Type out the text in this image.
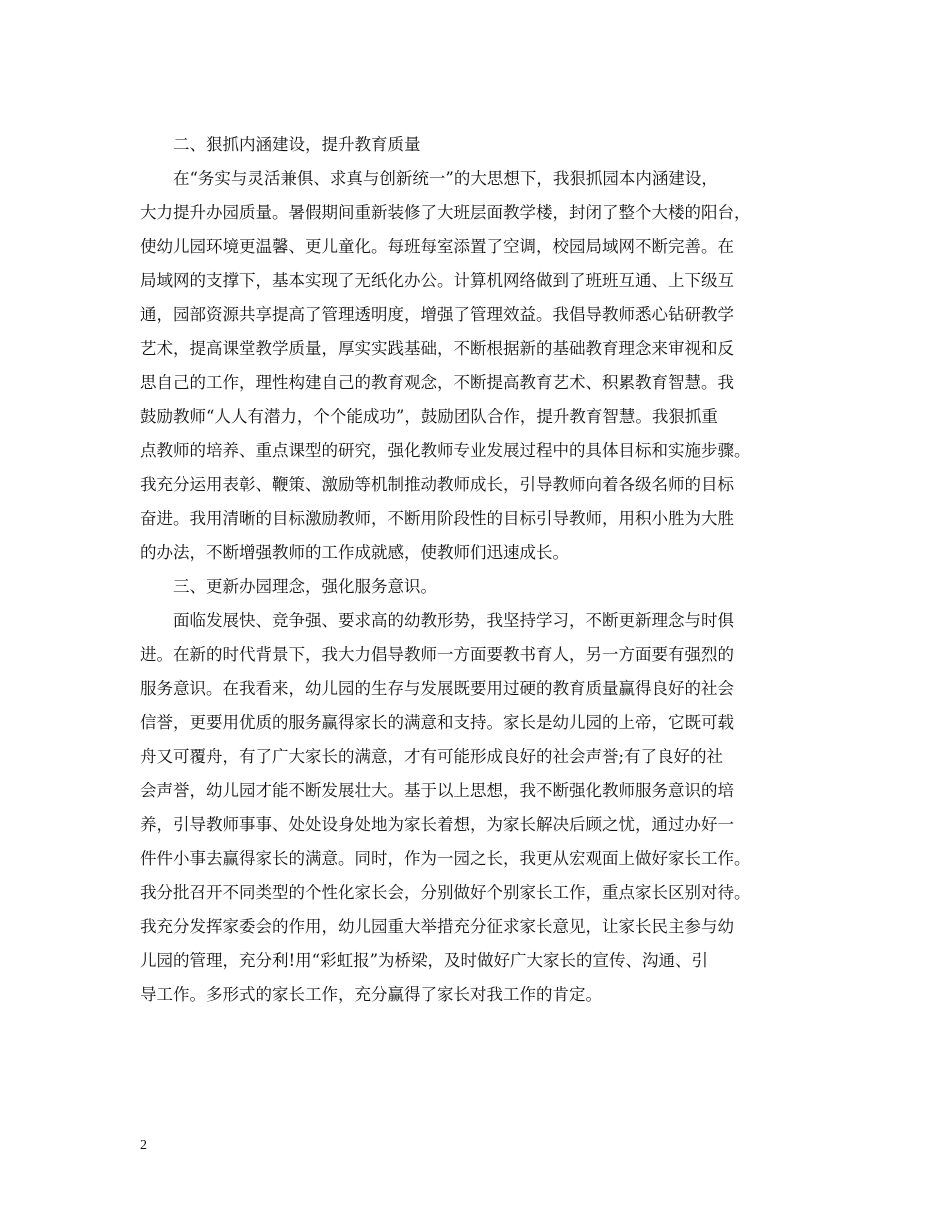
　　二、狠抓内涵建设，提升教育质量
　　在“务实与灵活兼俱、求真与创新统一”的大思想下，我狠抓园本内涵建设，
大力提升办园质量。暑假期间重新装修了大班层面教学楼，封闭了整个大楼的阳台，
使幼儿园环境更温馨、更儿童化。每班每室添置了空调，校园局域网不断完善。在
局域网的支撑下，基本实现了无纸化办公。计算机网络做到了班班互通、上下级互
通，园部资源共享提高了管理透明度，增强了管理效益。我倡导教师悉心钻研教学
艺术，提高课堂教学质量，厚实实践基础，不断根据新的基础教育理念来审视和反
思自己的工作，理性构建自己的教育观念，不断提高教育艺术、积累教育智慧。我
鼓励教师“人人有潜力，个个能成功”，鼓励团队合作，提升教育智慧。我狠抓重
点教师的培养、重点课型的研究，强化教师专业发展过程中的具体目标和实施步骤。
我充分运用表彰、鞭策、激励等机制推动教师成长，引导教师向着各级名师的目标
奋进。我用清晰的目标激励教师，不断用阶段性的目标引导教师，用积小胜为大胜
的办法，不断增强教师的工作成就感，使教师们迅速成长。
　　三、更新办园理念，强化服务意识。
　　面临发展快、竞争强、要求高的幼教形势，我坚持学习，不断更新理念与时俱
进。在新的时代背景下，我大力倡导教师一方面要教书育人，另一方面要有强烈的
服务意识。在我看来，幼儿园的生存与发展既要用过硬的教育质量赢得良好的社会
信誉，更要用优质的服务赢得家长的满意和支持。家长是幼儿园的上帝，它既可载
舟又可覆舟，有了广大家长的满意，才有可能形成良好的社会声誉;有了良好的社
会声誉，幼儿园才能不断发展壮大。基于以上思想，我不断强化教师服务意识的培
养，引导教师事事、处处设身处地为家长着想，为家长解决后顾之忧，通过办好一
件件小事去赢得家长的满意。同时，作为一园之长，我更从宏观面上做好家长工作。
我分批召开不同类型的个性化家长会，分别做好个别家长工作，重点家长区别对待。
我充分发挥家委会的作用，幼儿园重大举措充分征求家长意见，让家长民主参与幼
儿园的管理，充分利!用“彩虹报”为桥梁，及时做好广大家长的宣传、沟通、引
导工作。多形式的家长工作，充分赢得了家长对我工作的肯定。
2
